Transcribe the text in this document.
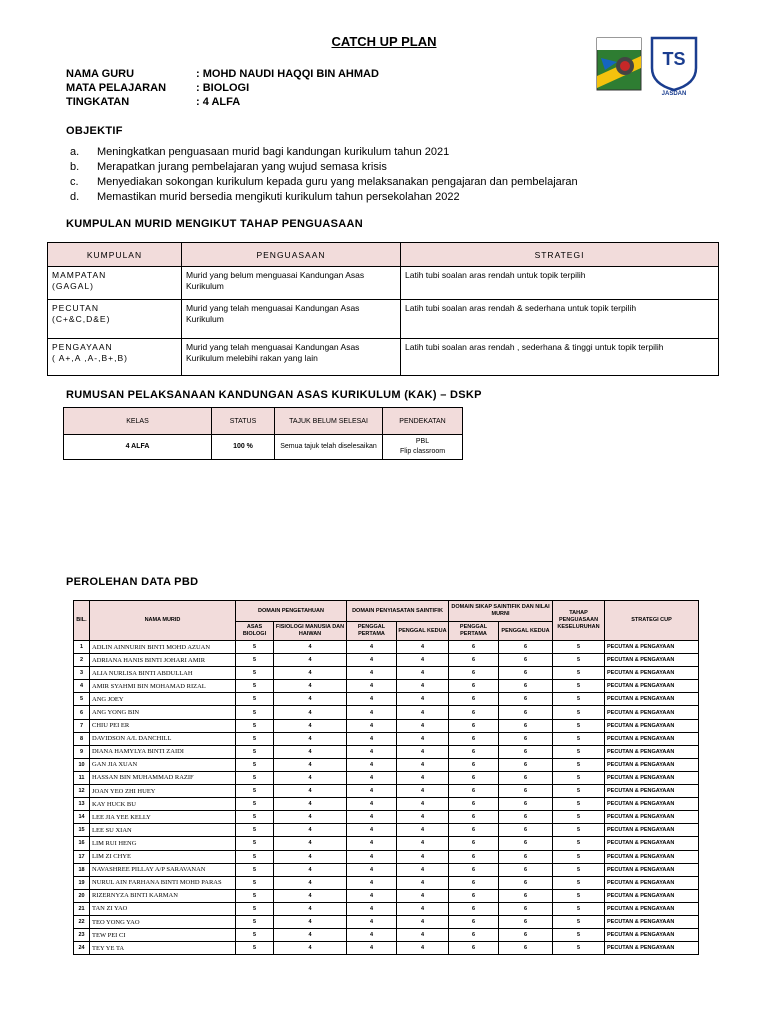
CATCH UP PLAN
TS
JASDAN
NAMA GURU	: MOHD NAUDI HAQQI BIN AHMAD
MATA PELAJARAN	: BIOLOGI
TINGKATAN	: 4 ALFA
OBJEKTIF
a.	Meningkatkan penguasaan murid bagi kandungan kurikulum tahun 2021
b.	Merapatkan jurang pembelajaran yang wujud semasa krisis
c.	Menyediakan sokongan kurikulum kepada guru yang melaksanakan pengajaran dan pembelajaran
d.	Memastikan murid bersedia mengikuti kurikulum tahun persekolahan 2022
KUMPULAN MURID MENGIKUT TAHAP PENGUASAAN
KUMPULAN	PENGUASAAN	STRATEGI

MAMPATAN
(GAGAL)	Murid yang belum menguasai Kandungan Asas Kurikulum	Latih tubi soalan aras rendah untuk topik terpilih

PECUTAN
(C+&C,D&E)	Murid yang telah menguasai Kandungan Asas Kurikulum	Latih tubi soalan aras rendah & sederhana untuk topik terpilih

PENGAYAAN
( A+,A ,A-,B+,B)	Murid yang telah menguasai Kandungan Asas Kurikulum melebihi rakan yang lain	Latih tubi soalan aras rendah , sederhana & tinggi untuk topik terpilih
RUMUSAN PELAKSANAAN KANDUNGAN ASAS KURIKULUM (KAK) – DSKP
KELAS	STATUS	TAJUK BELUM SELESAI	PENDEKATAN
4 ALFA	100 %	Semua tajuk telah diselesaikan	PBL
Flip classroom
PEROLEHAN DATA PBD
BIL.	NAMA MURID	DOMAIN PENGETAHUAN		DOMAIN PENYIASATAN SAINTIFIK		DOMAIN SIKAP SAINTIFIK DAN NILAI MURNI		TAHAP PENGUASAAN KESELURUHAN	STRATEGI CUP
		ASAS BIOLOGI	FISIOLOGI MANUSIA DAN HAIWAN	PENGGAL PERTAMA	PENGGAL KEDUA	PENGGAL PERTAMA	PENGGAL KEDUA		
1	ADLIN AINNURIN BINTI MOHD AZUAN	5	4	4	4	6	6	5	PECUTAN & PENGAYAAN
2	ADRIANA HANIS BINTI JOHARI AMIR	5	4	4	4	6	6	5	PECUTAN & PENGAYAAN
3	ALIA NURLISA BINTI ABDULLAH	5	4	4	4	6	6	5	PECUTAN & PENGAYAAN
4	AMIR SYAHMI BIN MOHAMAD RIZAL	5	4	4	4	6	6	5	PECUTAN & PENGAYAAN
5	ANG JOEY	5	4	4	4	6	6	5	PECUTAN & PENGAYAAN
6	ANG YONG BIN	5	4	4	4	6	6	5	PECUTAN & PENGAYAAN
7	CHIU PEI ER	5	4	4	4	6	6	5	PECUTAN & PENGAYAAN
8	DAVIDSON A/L DANCHILL	5	4	4	4	6	6	5	PECUTAN & PENGAYAAN
9	DIANA HAMYLYA BINTI ZAIDI	5	4	4	4	6	6	5	PECUTAN & PENGAYAAN
10	GAN JIA XUAN	5	4	4	4	6	6	5	PECUTAN & PENGAYAAN
11	HASSAN BIN MUHAMMAD RAZIF	5	4	4	4	6	6	5	PECUTAN & PENGAYAAN
12	JOAN YEO ZHI HUEY	5	4	4	4	6	6	5	PECUTAN & PENGAYAAN
13	KAY HUCK BU	5	4	4	4	6	6	5	PECUTAN & PENGAYAAN
14	LEE JIA YEE KELLY	5	4	4	4	6	6	5	PECUTAN & PENGAYAAN
15	LEE SU XIAN	5	4	4	4	6	6	5	PECUTAN & PENGAYAAN
16	LIM RUI HENG	5	4	4	4	6	6	5	PECUTAN & PENGAYAAN
17	LIM ZI CHYE	5	4	4	4	6	6	5	PECUTAN & PENGAYAAN
18	NAVASHREE PILLAY A/P SARAVANAN	5	4	4	4	6	6	5	PECUTAN & PENGAYAAN
19	NURUL AIN FARHANA BINTI MOHD PARAS	5	4	4	4	6	6	5	PECUTAN & PENGAYAAN
20	RIZERNYZA BINTI KARMAN	5	4	4	4	6	6	5	PECUTAN & PENGAYAAN
21	TAN ZI YAO	5	4	4	4	6	6	5	PECUTAN & PENGAYAAN
22	TEO YONG YAO	5	4	4	4	6	6	5	PECUTAN & PENGAYAAN
23	TEW PEI CI	5	4	4	4	6	6	5	PECUTAN & PENGAYAAN
24	TEY YE TA	5	4	4	4	6	6	5	PECUTAN & PENGAYAAN
